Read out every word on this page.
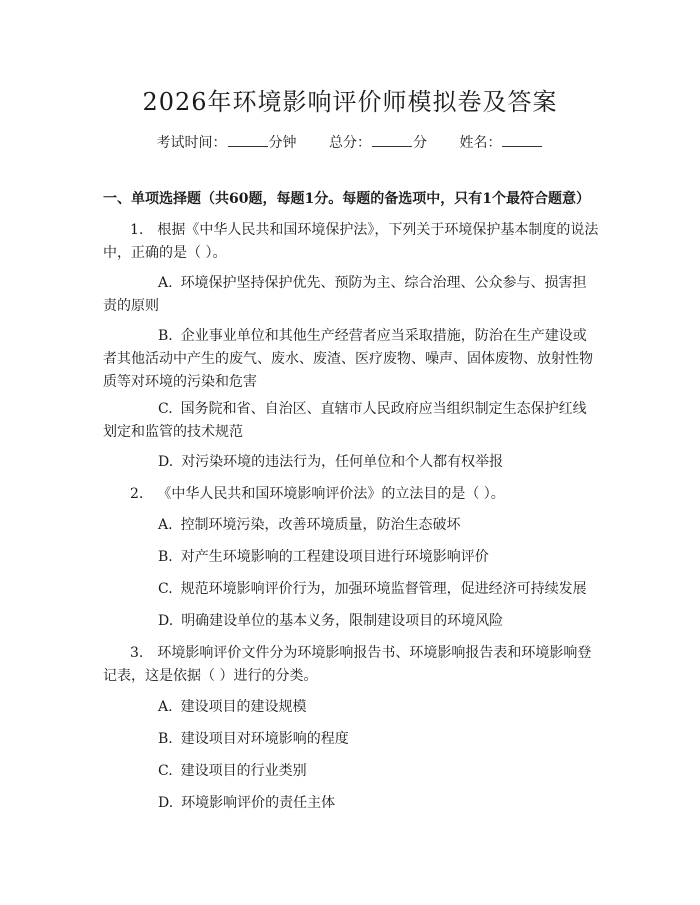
2026年环境影响评价师模拟卷及答案
考试时间：	分钟 总分：	分 姓名：
一、单项选择题（共60题，每题1分。每题的备选项中，只有1个最符合题意）

1. 根据《中华人民共和国环境保护法》，下列关于环境保护基本制度的说法中，正确的是（ ）。

A. 环境保护坚持保护优先、预防为主、综合治理、公众参与、损害担责的原则

B. 企业事业单位和其他生产经营者应当采取措施，防治在生产建设或者其他活动中产生的废气、废水、废渣、医疗废物、噪声、固体废物、放射性物质等对环境的污染和危害

C. 国务院和省、自治区、直辖市人民政府应当组织制定生态保护红线划定和监管的技术规范

D. 对污染环境的违法行为，任何单位和个人都有权举报

2. 《中华人民共和国环境影响评价法》的立法目的是（ ）。

A. 控制环境污染，改善环境质量，防治生态破坏

B. 对产生环境影响的工程建设项目进行环境影响评价

C. 规范环境影响评价行为，加强环境监督管理，促进经济可持续发展

D. 明确建设单位的基本义务，限制建设项目的环境风险

3. 环境影响评价文件分为环境影响报告书、环境影响报告表和环境影响登记表，这是依据（ ）进行的分类。

A. 建设项目的建设规模

B. 建设项目对环境影响的程度

C. 建设项目的行业类别

D. 环境影响评价的责任主体
